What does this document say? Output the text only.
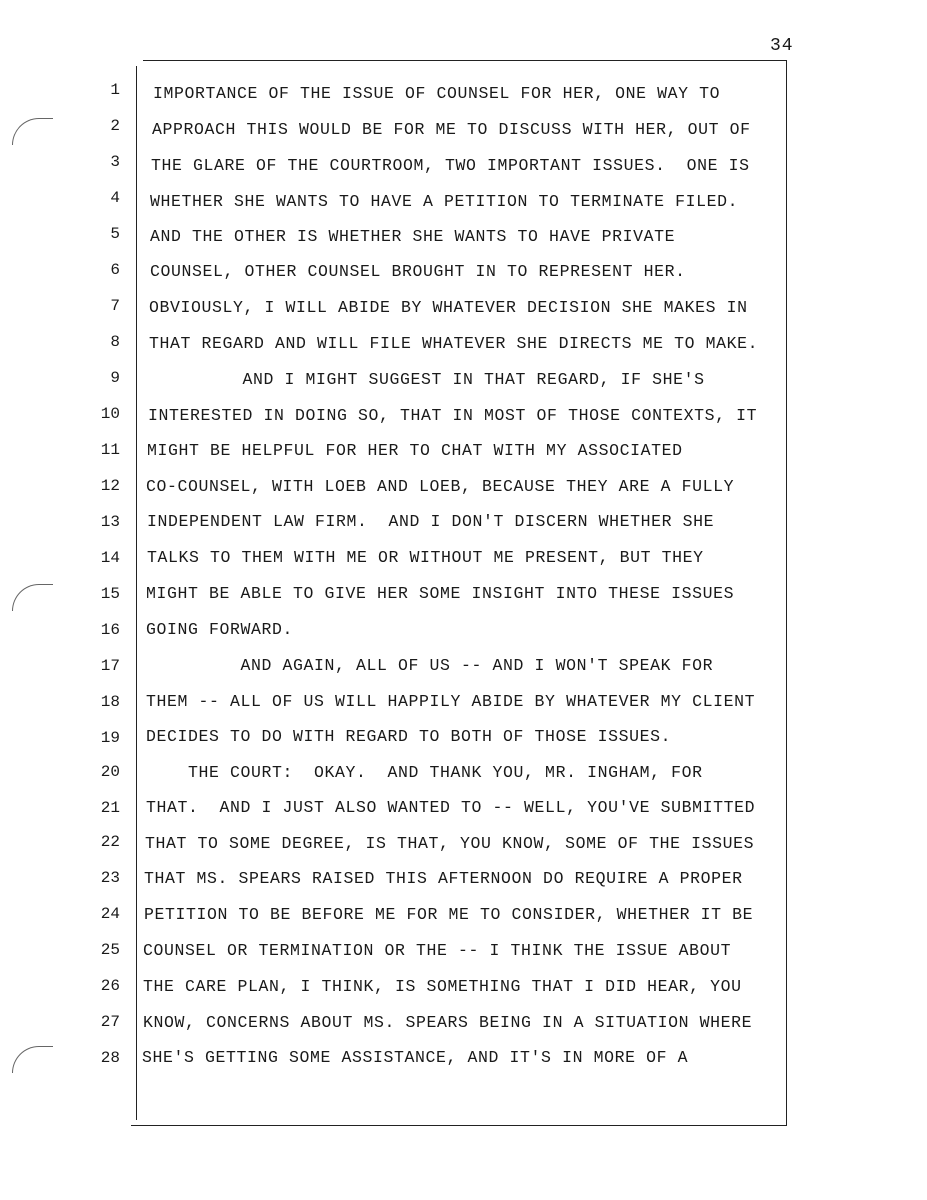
34
1
2
3
4
5
6
7
8
9
10
11
12
13
14
15
16
17
18
19
20
21
22
23
24
25
26
27
28
IMPORTANCE OF THE ISSUE OF COUNSEL FOR HER, ONE WAY TO
APPROACH THIS WOULD BE FOR ME TO DISCUSS WITH HER, OUT OF
THE GLARE OF THE COURTROOM, TWO IMPORTANT ISSUES.  ONE IS
WHETHER SHE WANTS TO HAVE A PETITION TO TERMINATE FILED.
AND THE OTHER IS WHETHER SHE WANTS TO HAVE PRIVATE
COUNSEL, OTHER COUNSEL BROUGHT IN TO REPRESENT HER.
OBVIOUSLY, I WILL ABIDE BY WHATEVER DECISION SHE MAKES IN
THAT REGARD AND WILL FILE WHATEVER SHE DIRECTS ME TO MAKE.
AND I MIGHT SUGGEST IN THAT REGARD, IF SHE'S
INTERESTED IN DOING SO, THAT IN MOST OF THOSE CONTEXTS, IT
MIGHT BE HELPFUL FOR HER TO CHAT WITH MY ASSOCIATED
CO-COUNSEL, WITH LOEB AND LOEB, BECAUSE THEY ARE A FULLY
INDEPENDENT LAW FIRM.  AND I DON'T DISCERN WHETHER SHE
TALKS TO THEM WITH ME OR WITHOUT ME PRESENT, BUT THEY
MIGHT BE ABLE TO GIVE HER SOME INSIGHT INTO THESE ISSUES
GOING FORWARD.
AND AGAIN, ALL OF US -- AND I WON'T SPEAK FOR
THEM -- ALL OF US WILL HAPPILY ABIDE BY WHATEVER MY CLIENT
DECIDES TO DO WITH REGARD TO BOTH OF THOSE ISSUES.
THE COURT:  OKAY.  AND THANK YOU, MR. INGHAM, FOR
THAT.  AND I JUST ALSO WANTED TO -- WELL, YOU'VE SUBMITTED
THAT TO SOME DEGREE, IS THAT, YOU KNOW, SOME OF THE ISSUES
THAT MS. SPEARS RAISED THIS AFTERNOON DO REQUIRE A PROPER
PETITION TO BE BEFORE ME FOR ME TO CONSIDER, WHETHER IT BE
COUNSEL OR TERMINATION OR THE -- I THINK THE ISSUE ABOUT
THE CARE PLAN, I THINK, IS SOMETHING THAT I DID HEAR, YOU
KNOW, CONCERNS ABOUT MS. SPEARS BEING IN A SITUATION WHERE
SHE'S GETTING SOME ASSISTANCE, AND IT'S IN MORE OF A
